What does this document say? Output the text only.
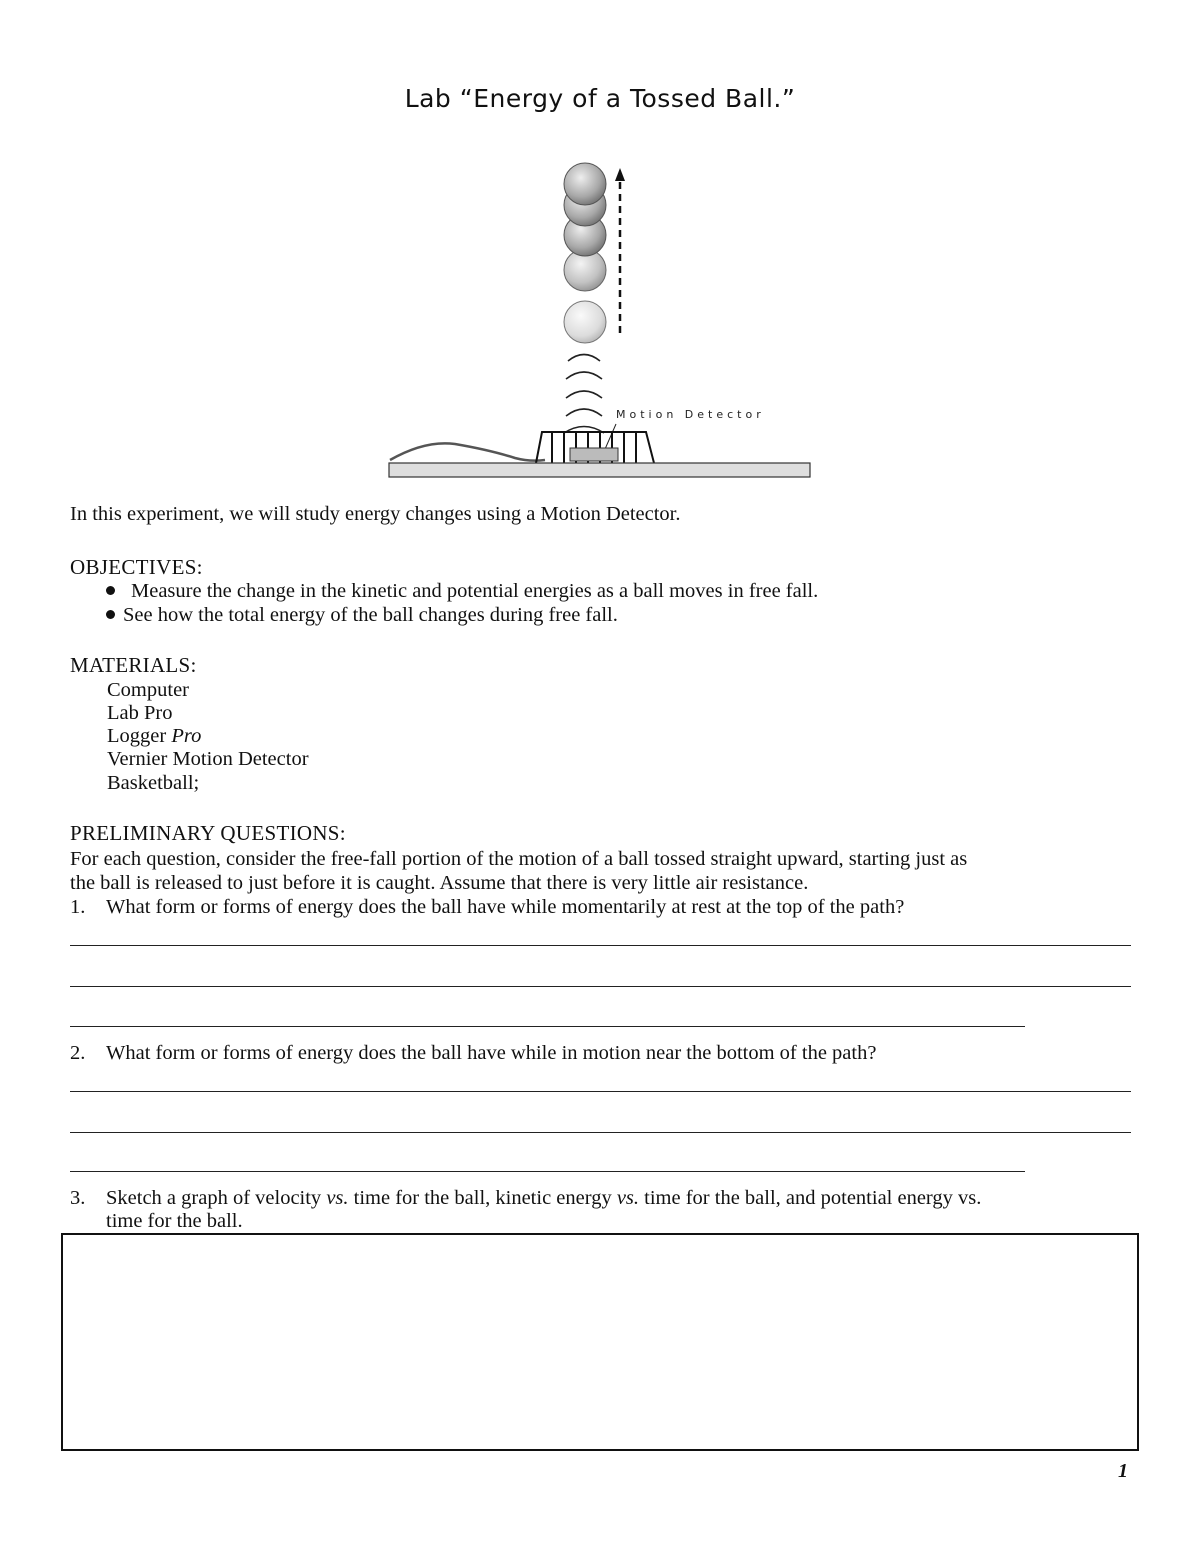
Lab “Energy of a Tossed Ball.”
Motion Detector
In this experiment, we will study energy changes using a Motion Detector.
OBJECTIVES:
Measure the change in the kinetic and potential energies as a ball moves in free fall.
See how the total energy of the ball changes during free fall.
MATERIALS:
Computer
Lab Pro
Logger Pro
Vernier Motion Detector
Basketball;
PRELIMINARY QUESTIONS:
For each question, consider the free-fall portion of the motion of a ball tossed straight upward, starting just as
the ball is released to just before it is caught. Assume that there is very little air resistance.
1. What form or forms of energy does the ball have while momentarily at rest at the top of the path?
2. What form or forms of energy does the ball have while in motion near the bottom of the path?
3. Sketch a graph of velocity vs. time for the ball, kinetic energy vs. time for the ball, and potential energy vs.
time for the ball.
1
